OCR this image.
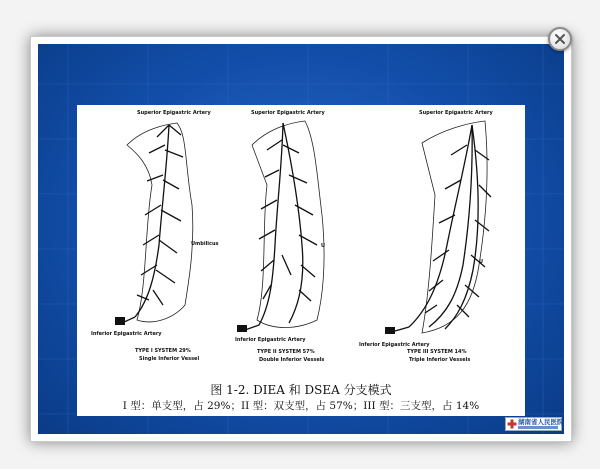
Superior Epigastric Artery
Umbilicus
Inferior Epigastric Artery
TYPE I SYSTEM 29%
Single Inferior Vessel
Superior Epigastric Artery
U
Inferior Epigastric Artery
TYPE II SYSTEM 57%
Double Inferior Vessels
Superior Epigastric Artery
U
Inferior Epigastric Artery
TYPE III SYSTEM 14%
Triple Inferior Vessels
图 1-2. DIEA 和 DSEA 分支模式
I 型：单支型，占 29%；II 型：双支型，占 57%；III 型：三支型，占 14%
湖南省人民医院
